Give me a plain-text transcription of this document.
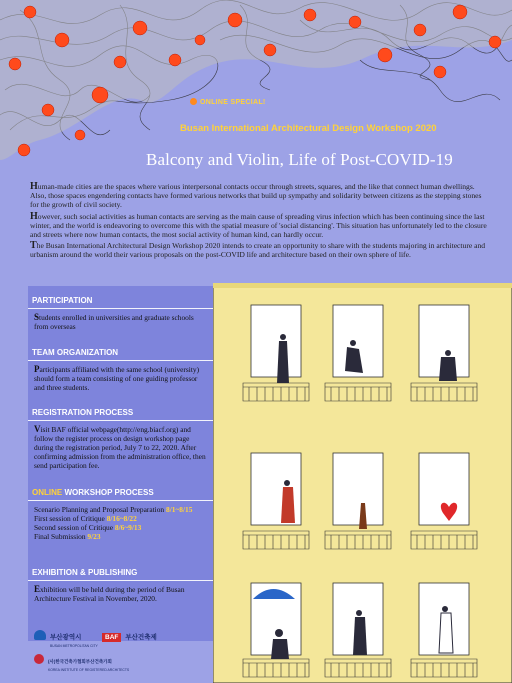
ONLINE SPECIAL!
Busan International Architectural Design Workshop 2020
Balcony and Violin, Life of Post-COVID-19

Human-made cities are the spaces where various interpersonal contacts occur through streets, squares, and the like that connect human dwellings. Also, those spaces engendering contacts have formed various networks that build up sympathy and solidarity between citizens as the stepping stones for the growth of civil society.

However, such social activities as human contacts are serving as the main cause of spreading virus infection which has been continuing since the last winter, and the world is endeavoring to overcome this with the spatial measure of 'social distancing'. This situation has unfortunately led to the closure and streets where now human contacts, the most social activity of human kind, can hardly occur.

The Busan International Architectural Design Workshop 2020 intends to create an opportunity to share with the students majoring in architecture and urbanism around the world their various proposals on the post-COVID life and architecture based on their own sphere of life.

PARTICIPATION
Students enrolled in universities and graduate schools from overseas
TEAM ORGANIZATION
Participants affiliated with the same school (university) should form a team consisting of one guiding professor and three students.
REGISTRATION PROCESS
Visit BAF official webpage(http://eng.biacf.org) and follow the register process on design workshop page during the registration period, July 7 to 22, 2020. After confirming admission from the administration office, then send participation fee.
ONLINE WORKSHOP PROCESS
Scenario Planning and Proposal Preparation 8/1~8/15
First session of Critique 8/16~8/22
Second session of Critique 8/6~9/13
Final Submission 9/23
EXHIBITION & PUBLISHING
Exhibition will be held during the period of Busan Architecture Festival in November, 2020.
부산광역시
BUSAN METROPOLITAN CITY
BAF 부산건축제
(사)한국건축가협회부산건축가회
KOREA INSTITUTE OF REGISTERED ARCHITECTS
